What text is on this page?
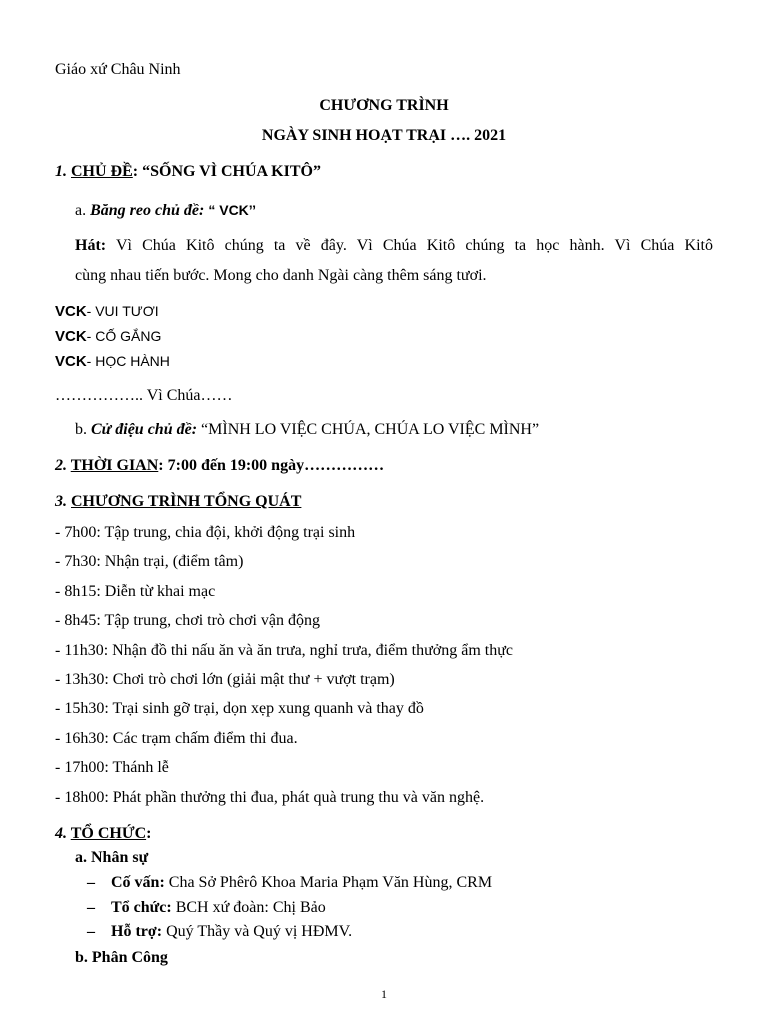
Giáo xứ Châu Ninh
CHƯƠNG TRÌNH
NGÀY SINH HOẠT TRẠI …. 2021
1. CHỦ ĐỀ: “SỐNG VÌ CHÚA KITÔ”
a. Băng reo chủ đề: “ VCK’’
Hát: Vì Chúa Kitô chúng ta về đây. Vì Chúa Kitô chúng ta học hành. Vì Chúa Kitô
cùng nhau tiến bước. Mong cho danh Ngài càng thêm sáng tươi.
VCK- VUI TƯƠI
VCK- CỐ GẮNG
VCK- HỌC HÀNH
…………….. Vì Chúa……
b. Cử điệu chủ đề: “MÌNH LO VIỆC CHÚA, CHÚA LO VIỆC MÌNH”
2. THỜI GIAN: 7:00 đến 19:00 ngày……………
3. CHƯƠNG TRÌNH TỔNG QUÁT
- 7h00: Tập trung, chia đội, khởi động trại sinh
- 7h30: Nhận trại, (điểm tâm)
- 8h15: Diễn từ khai mạc
- 8h45: Tập trung, chơi trò chơi vận động
- 11h30: Nhận đồ thi nấu ăn và ăn trưa, nghỉ trưa, điểm thưởng ẩm thực
- 13h30: Chơi trò chơi lớn (giải mật thư + vượt trạm)
- 15h30: Trại sinh gỡ trại, dọn xẹp xung quanh và thay đồ
- 16h30: Các trạm chấm điểm thi đua.
- 17h00: Thánh lễ
- 18h00: Phát phần thưởng thi đua, phát quà trung thu và văn nghệ.
4. TỔ CHỨC:
a. Nhân sự
– Cố vấn: Cha Sở Phêrô Khoa Maria Phạm Văn Hùng, CRM
– Tổ chức: BCH xứ đoàn: Chị Bảo
– Hỗ trợ: Quý Thầy và Quý vị HĐMV.
b. Phân Công
1
